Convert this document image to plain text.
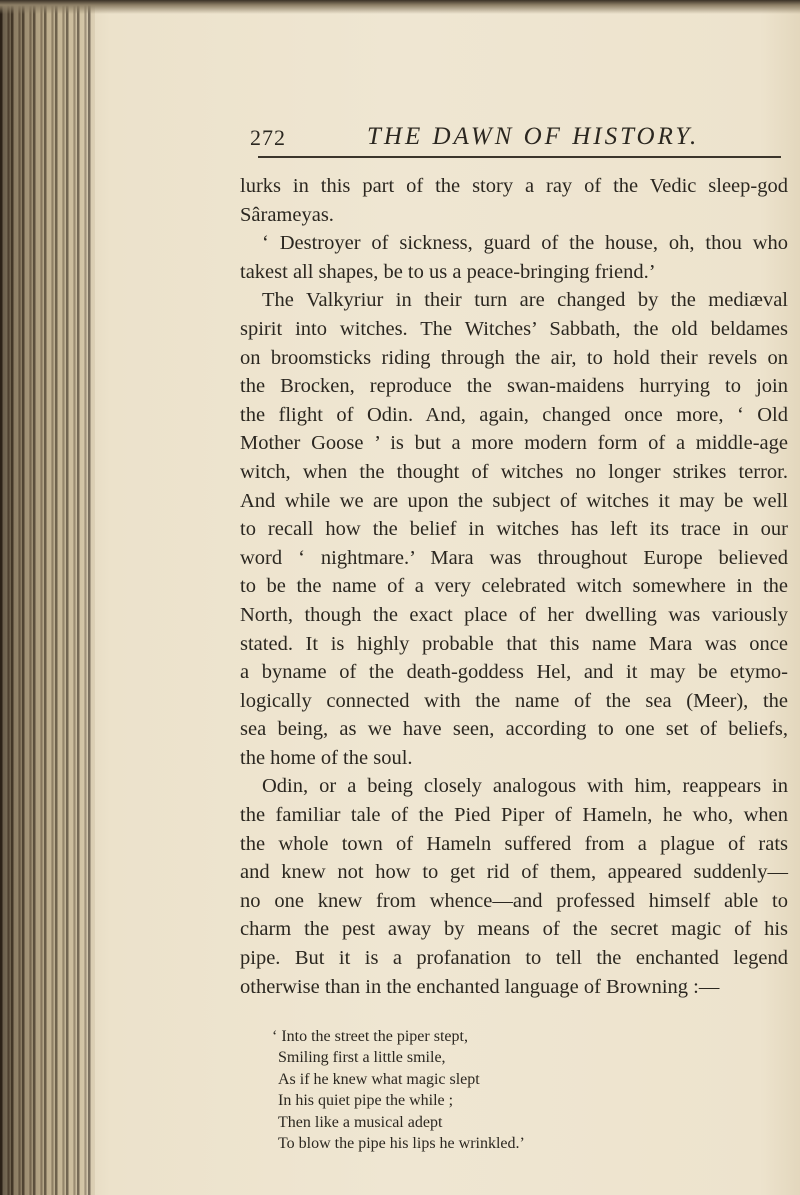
272	THE DAWN OF HISTORY.
lurks in this part of the story a ray of the Vedic sleep-god
Sârameyas.
‘ Destroyer of sickness, guard of the house, oh, thou who
takest all shapes, be to us a peace-bringing friend.’
The Valkyriur in their turn are changed by the mediæval
spirit into witches. The Witches’ Sabbath, the old beldames
on broomsticks riding through the air, to hold their revels on
the Brocken, reproduce the swan-maidens hurrying to join
the flight of Odin. And, again, changed once more, ‘ Old
Mother Goose ’ is but a more modern form of a middle-age
witch, when the thought of witches no longer strikes terror.
And while we are upon the subject of witches it may be well
to recall how the belief in witches has left its trace in our
word ‘ nightmare.’ Mara was throughout Europe believed
to be the name of a very celebrated witch somewhere in the
North, though the exact place of her dwelling was variously
stated. It is highly probable that this name Mara was once
a byname of the death-goddess Hel, and it may be etymo-
logically connected with the name of the sea (Meer), the
sea being, as we have seen, according to one set of beliefs,
the home of the soul.
Odin, or a being closely analogous with him, reappears in
the familiar tale of the Pied Piper of Hameln, he who, when
the whole town of Hameln suffered from a plague of rats
and knew not how to get rid of them, appeared suddenly—
no one knew from whence—and professed himself able to
charm the pest away by means of the secret magic of his
pipe. But it is a profanation to tell the enchanted legend
otherwise than in the enchanted language of Browning :—
‘ Into the street the piper stept,
Smiling first a little smile,
As if he knew what magic slept
In his quiet pipe the while ;
Then like a musical adept
To blow the pipe his lips he wrinkled.’
